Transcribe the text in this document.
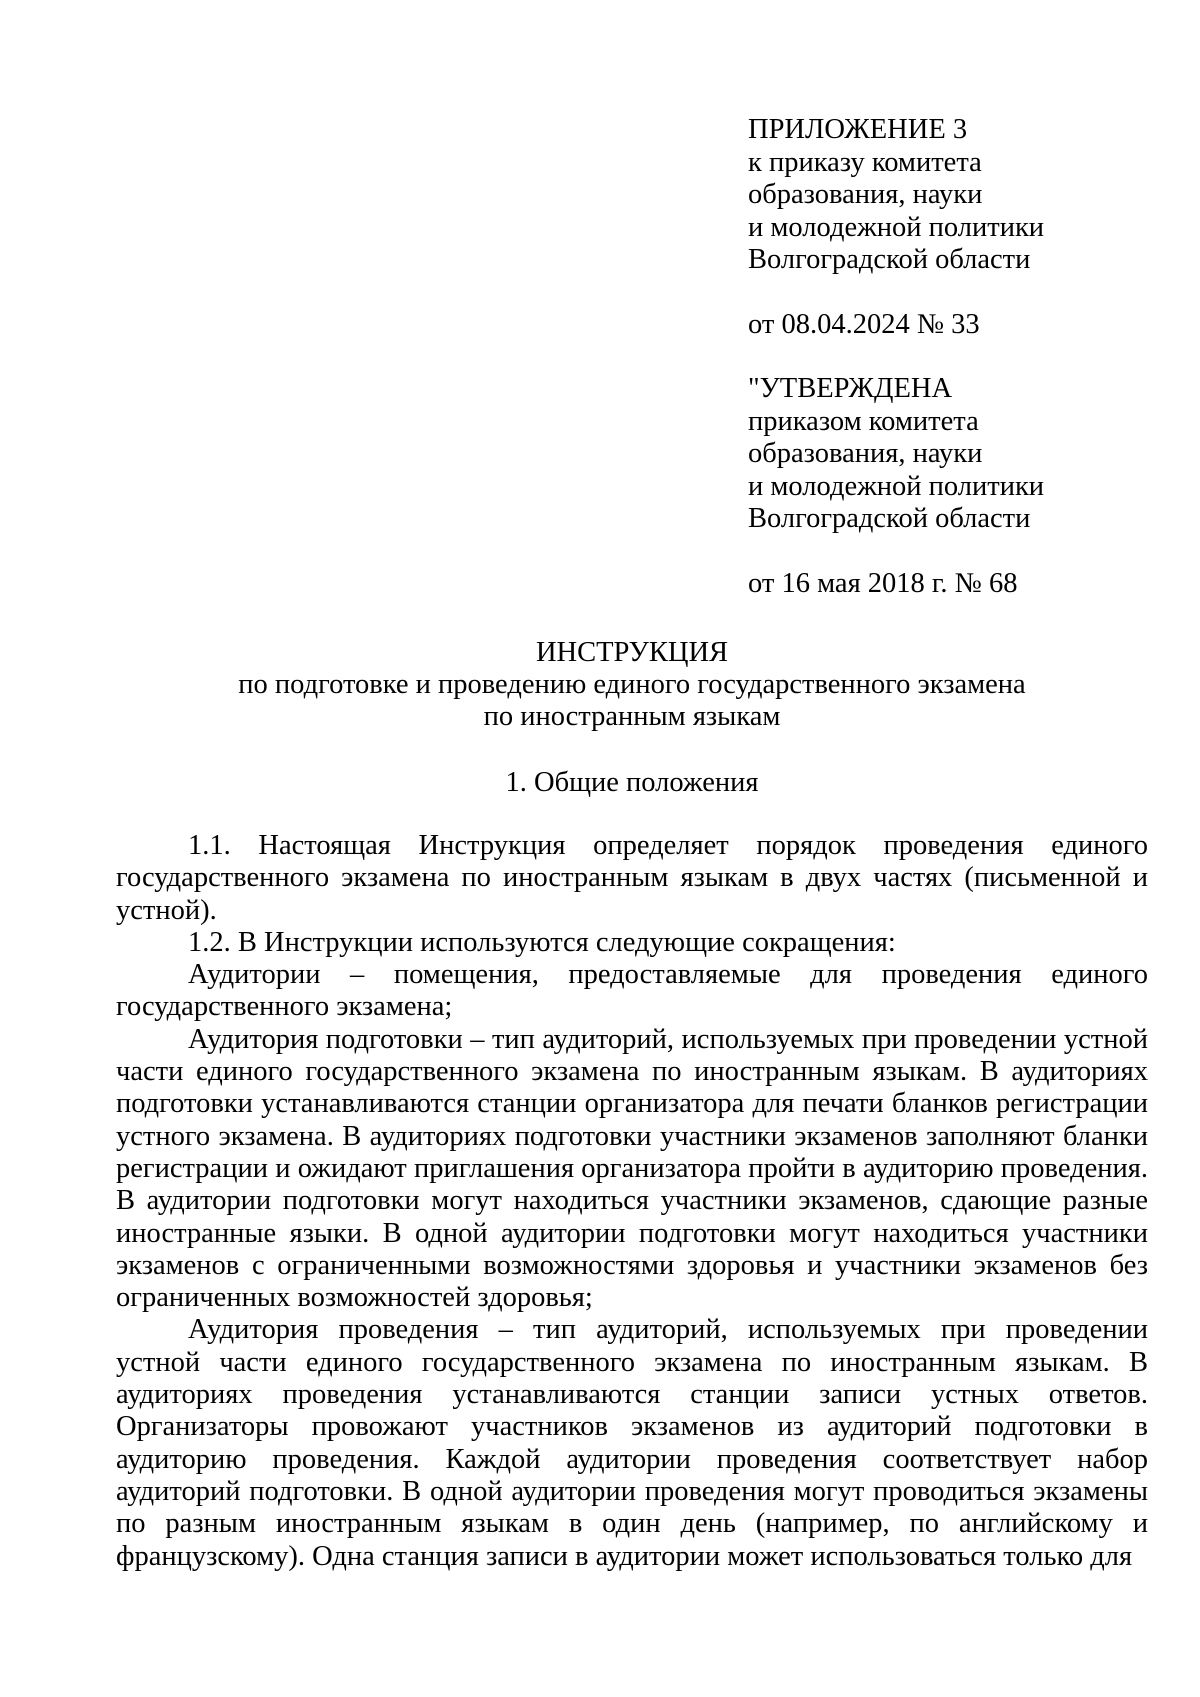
ПРИЛОЖЕНИЕ 3
к приказу комитета
образования, науки
и молодежной политики
Волгоградской области
от 08.04.2024 № 33
"УТВЕРЖДЕНА
приказом комитета
образования, науки
и молодежной политики
Волгоградской области
от 16 мая 2018 г. № 68
ИНСТРУКЦИЯ
по подготовке и проведению единого государственного экзамена
по иностранным языкам
1. Общие положения

1.1. Настоящая Инструкция определяет порядок проведения единого государственного экзамена по иностранным языкам в двух частях (письменной и устной).

1.2. В Инструкции используются следующие сокращения:

Аудитории – помещения, предоставляемые для проведения единого государственного экзамена;

Аудитория подготовки – тип аудиторий, используемых при проведении устной части единого государственного экзамена по иностранным языкам. В аудиториях подготовки устанавливаются станции организатора для печати бланков регистрации устного экзамена. В аудиториях подготовки участники экзаменов заполняют бланки регистрации и ожидают приглашения организатора пройти в аудиторию проведения. В аудитории подготовки могут находиться участники экзаменов, сдающие разные иностранные языки. В одной аудитории подготовки могут находиться участники экзаменов с ограниченными возможностями здоровья и участники экзаменов без ограниченных возможностей здоровья;

Аудитория проведения – тип аудиторий, используемых при проведении устной части единого государственного экзамена по иностранным языкам. В аудиториях проведения устанавливаются станции записи устных ответов. Организаторы провожают участников экзаменов из аудиторий подготовки в аудиторию проведения. Каждой аудитории проведения соответствует набор аудиторий подготовки. В одной аудитории проведения могут проводиться экзамены по разным иностранным языкам в один день (например, по английскому и французскому). Одна станция записи в аудитории может использоваться только для
